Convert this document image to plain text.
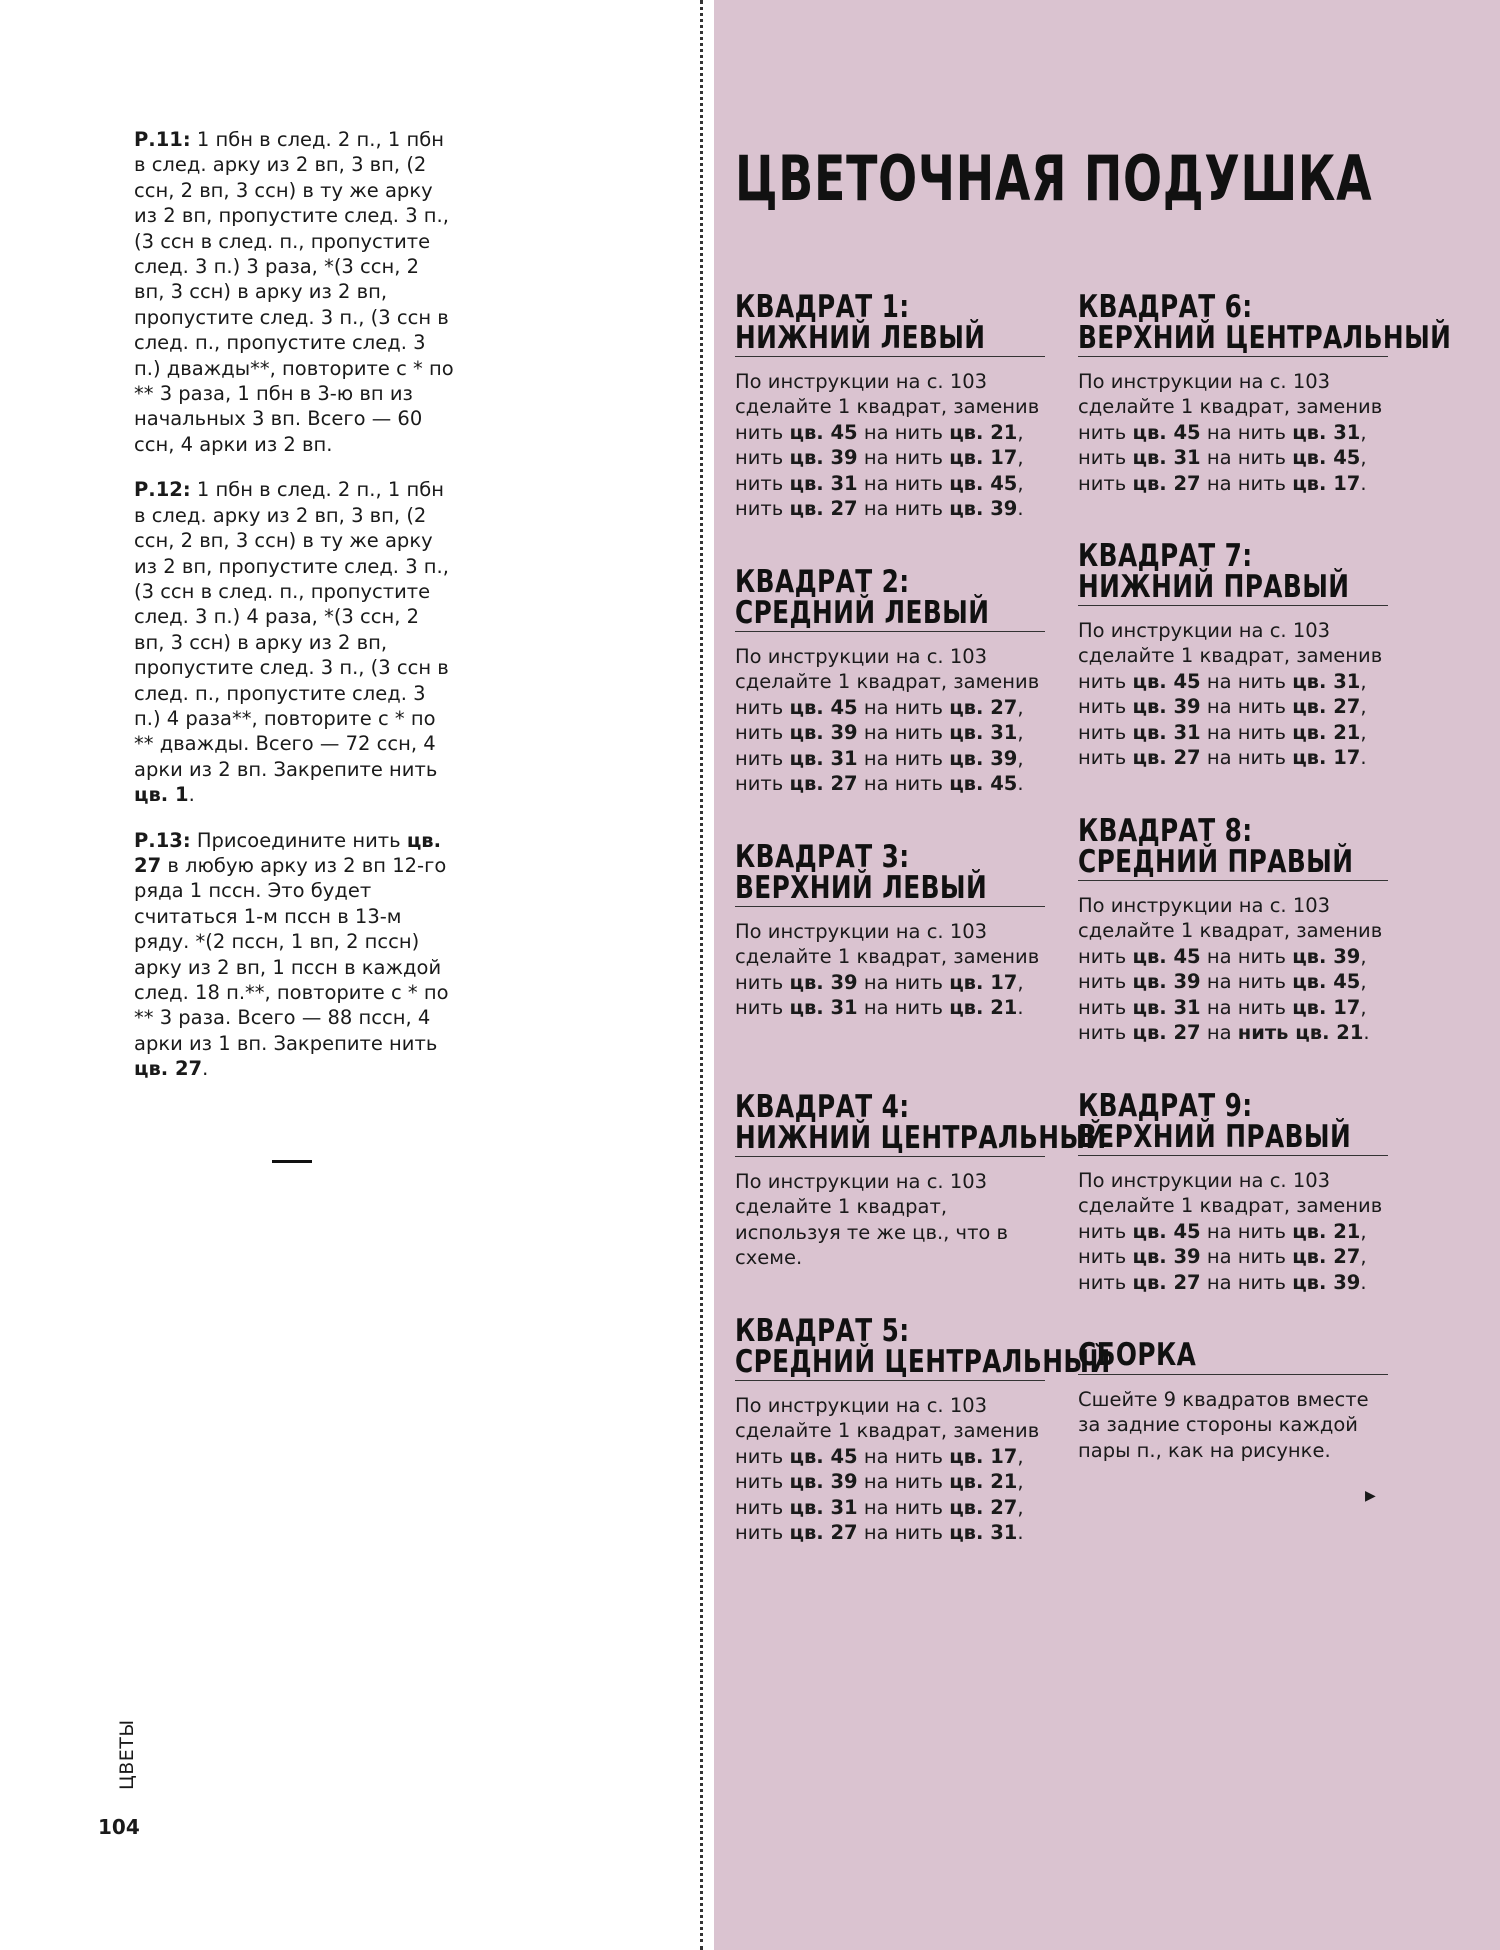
Р.11: 1 пбн в след. 2 п., 1 пбн в след. арку из 2 вп, 3 вп, (2 ссн, 2 вп, 3 ссн) в ту же арку из 2 вп, пропустите след. 3 п., (3 ссн в след. п., пропустите след. 3 п.) 3 раза, *(3 ссн, 2 вп, 3 ссн) в арку из 2 вп, пропустите след. 3 п., (3 ссн в след. п., пропустите след. 3 п.) дважды**, повторите с * по ** 3 раза, 1 пбн в 3-ю вп из начальных 3 вп. Всего — 60 ссн, 4 арки из 2 вп.

Р.12: 1 пбн в след. 2 п., 1 пбн в след. арку из 2 вп, 3 вп, (2 ссн, 2 вп, 3 ссн) в ту же арку из 2 вп, пропустите след. 3 п., (3 ссн в след. п., пропустите след. 3 п.) 4 раза, *(3 ссн, 2 вп, 3 ссн) в арку из 2 вп, пропустите след. 3 п., (3 ссн в след. п., пропустите след. 3 п.) 4 раза**, повторите с * по ** дважды. Всего — 72 ссн, 4 арки из 2 вп. Закрепите нить цв. 1.

Р.13: Присоедините нить цв. 27 в любую арку из 2 вп 12-го ряда 1 пссн. Это будет считаться 1-м пссн в 13-м ряду. *(2 пссн, 1 вп, 2 пссн) арку из 2 вп, 1 пссн в каждой след. 18 п.**, повторите с * по ** 3 раза. Всего — 88 пссн, 4 арки из 1 вп. Закрепите нить цв. 27.

ЦВЕТЫ
104
ЦВЕТОЧНАЯ ПОДУШКА
КВАДРАТ 1:
НИЖНИЙ ЛЕВЫЙ
По инструкции на с. 103 сделайте 1 квадрат, заменив нить цв. 45 на нить цв. 21, нить цв. 39 на нить цв. 17, нить цв. 31 на нить цв. 45, нить цв. 27 на нить цв. 39.
КВАДРАТ 2:
СРЕДНИЙ ЛЕВЫЙ
По инструкции на с. 103 сделайте 1 квадрат, заменив нить цв. 45 на нить цв. 27, нить цв. 39 на нить цв. 31, нить цв. 31 на нить цв. 39, нить цв. 27 на нить цв. 45.
КВАДРАТ 3:
ВЕРХНИЙ ЛЕВЫЙ
По инструкции на с. 103 сделайте 1 квадрат, заменив нить цв. 39 на нить цв. 17, нить цв. 31 на нить цв. 21.
КВАДРАТ 4:
НИЖНИЙ ЦЕНТРАЛЬНЫЙ
По инструкции на с. 103 сделайте 1 квадрат, используя те же цв., что в схеме.
КВАДРАТ 5:
СРЕДНИЙ ЦЕНТРАЛЬНЫЙ
По инструкции на с. 103 сделайте 1 квадрат, заменив нить цв. 45 на нить цв. 17, нить цв. 39 на нить цв. 21, нить цв. 31 на нить цв. 27, нить цв. 27 на нить цв. 31.
КВАДРАТ 6:
ВЕРХНИЙ ЦЕНТРАЛЬНЫЙ
По инструкции на с. 103 сделайте 1 квадрат, заменив нить цв. 45 на нить цв. 31, нить цв. 31 на нить цв. 45, нить цв. 27 на нить цв. 17.
КВАДРАТ 7:
НИЖНИЙ ПРАВЫЙ
По инструкции на с. 103 сделайте 1 квадрат, заменив нить цв. 45 на нить цв. 31, нить цв. 39 на нить цв. 27, нить цв. 31 на нить цв. 21, нить цв. 27 на нить цв. 17.
КВАДРАТ 8:
СРЕДНИЙ ПРАВЫЙ
По инструкции на с. 103 сделайте 1 квадрат, заменив нить цв. 45 на нить цв. 39, нить цв. 39 на нить цв. 45, нить цв. 31 на нить цв. 17, нить цв. 27 на нить цв. 21.
КВАДРАТ 9:
ВЕРХНИЙ ПРАВЫЙ
По инструкции на с. 103 сделайте 1 квадрат, заменив нить цв. 45 на нить цв. 21, нить цв. 39 на нить цв. 27, нить цв. 27 на нить цв. 39.
СБОРКА
Сшейте 9 квадратов вместе за задние стороны каждой пары п., как на рисунке.
▶
